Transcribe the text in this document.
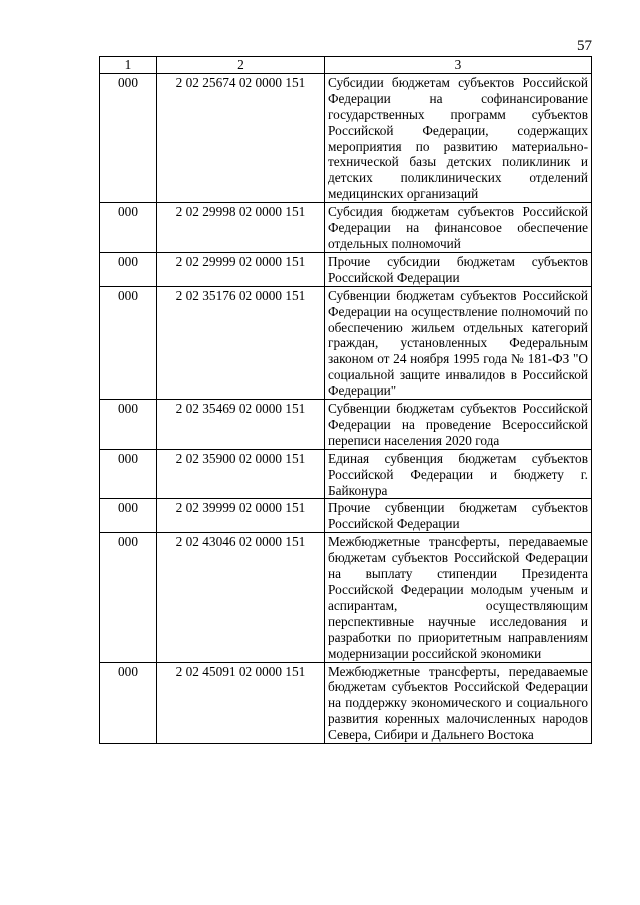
57
1	2	3
000	2 02 25674 02 0000 151	Субсидии бюджетам субъектов Российской Федерации на софинансирование государственных программ субъектов Российской Федерации, содержащих мероприятия по развитию материально-технической базы детских поликлиник и детских поликлинических отделений медицинских организаций
000	2 02 29998 02 0000 151	Субсидия бюджетам субъектов Российской Федерации на финансовое обеспечение отдельных полномочий
000	2 02 29999 02 0000 151	Прочие субсидии бюджетам субъектов Российской Федерации
000	2 02 35176 02 0000 151	Субвенции бюджетам субъектов Российской Федерации на осуществление полномочий по обеспечению жильем отдельных категорий граждан, установленных Федеральным законом от 24 ноября 1995 года № 181-ФЗ "О социальной защите инвалидов в Российской Федерации"
000	2 02 35469 02 0000 151	Субвенции бюджетам субъектов Российской Федерации на проведение Всероссийской переписи населения 2020 года
000	2 02 35900 02 0000 151	Единая субвенция бюджетам субъектов Российской Федерации и бюджету г. Байконура
000	2 02 39999 02 0000 151	Прочие субвенции бюджетам субъектов Российской Федерации
000	2 02 43046 02 0000 151	Межбюджетные трансферты, передаваемые бюджетам субъектов Российской Федерации на выплату стипендии Президента Российской Федерации молодым ученым и аспирантам, осуществляющим перспективные научные исследования и разработки по приоритетным направлениям модернизации российской экономики
000	2 02 45091 02 0000 151	Межбюджетные трансферты, передаваемые бюджетам субъектов Российской Федерации на поддержку экономического и социального развития коренных малочисленных народов Севера, Сибири и Дальнего Востока
